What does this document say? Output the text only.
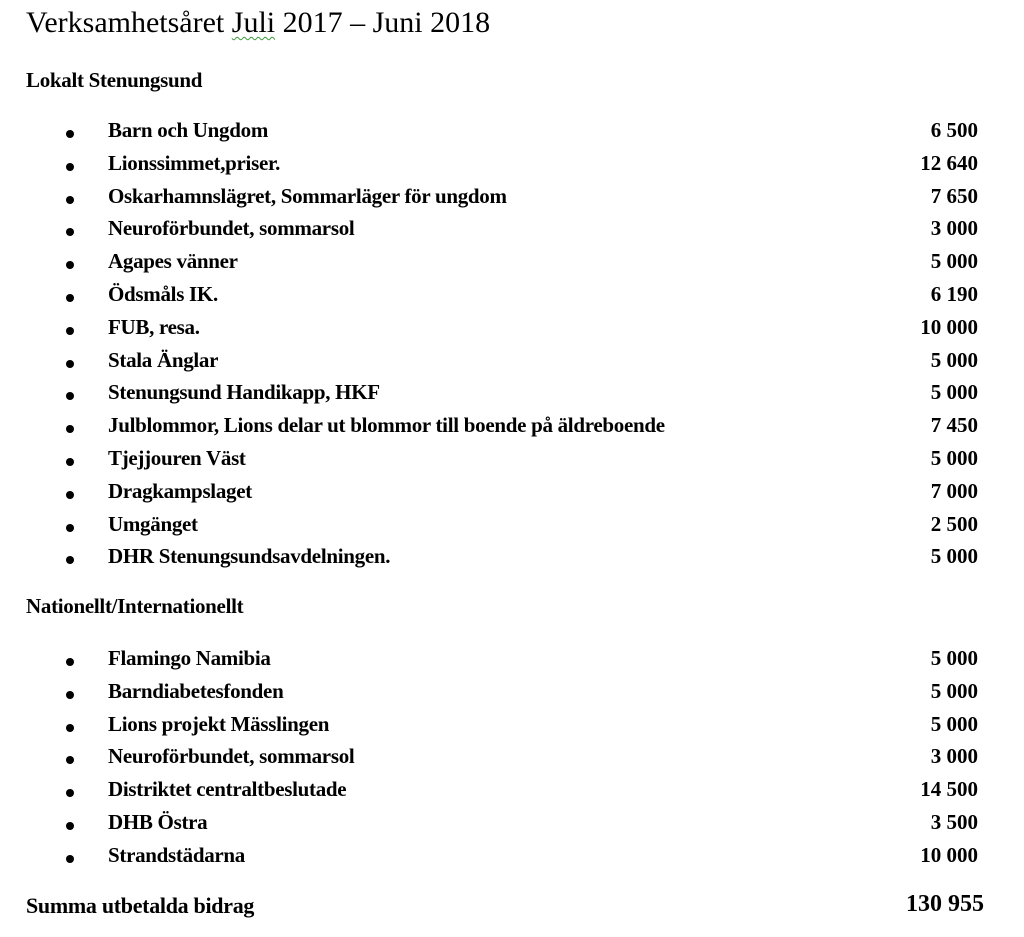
Verksamhetsåret Juli 2017 – Juni 2018
Lokalt Stenungsund
Barn och Ungdom	6 500
Lionssimmet,priser.	12 640
Oskarhamnslägret, Sommarläger för ungdom	7 650
Neuroförbundet, sommarsol	3 000
Agapes vänner	5 000
Ödsmåls IK.	6 190
FUB, resa.	10 000
Stala Änglar	5 000
Stenungsund Handikapp, HKF	5 000
Julblommor, Lions delar ut blommor till boende på äldreboende	7 450
Tjejjouren Väst	5 000
Dragkampslaget	7 000
Umgänget	2 500
DHR Stenungsundsavdelningen.	5 000
Nationellt/Internationellt
Flamingo Namibia	5 000
Barndiabetesfonden	5 000
Lions projekt Mässlingen	5 000
Neuroförbundet, sommarsol	3 000
Distriktet centraltbeslutade	14 500
DHB Östra	3 500
Strandstädarna	10 000
Summa utbetalda bidrag	130 955
